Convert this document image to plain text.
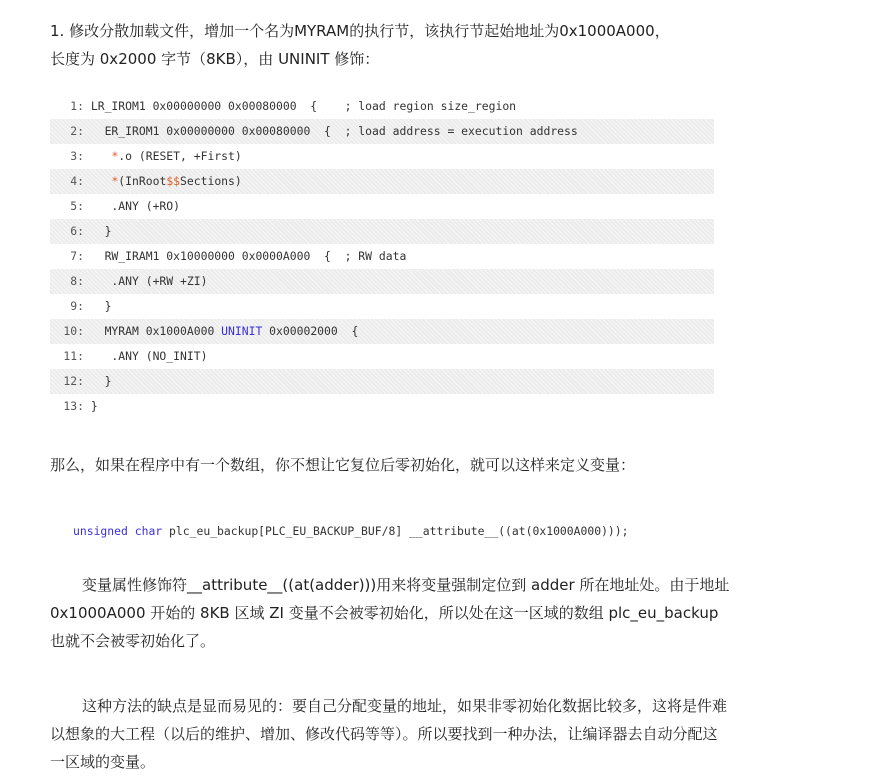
1. 修改分散加载文件，增加一个名为MYRAM的执行节，该执行节起始地址为0x1000A000，
长度为 0x2000 字节（8KB），由 UNINIT 修饰：

1: LR_IROM1 0x00000000 0x00080000  {    ; load region size_region
2:   ER_IROM1 0x00000000 0x00080000  {  ; load address = execution address
3: *.o (RESET, +First)
4: *(InRoot$$Sections)
5:    .ANY (+RO)
6:   }
7:   RW_IRAM1 0x10000000 0x0000A000  {  ; RW data
8:    .ANY (+RW +ZI)
9:   }
10:   MYRAM 0x1000A000 UNINIT 0x00002000  {
11:    .ANY (NO_INIT)
12:   }
13: }

那么，如果在程序中有一个数组，你不想让它复位后零初始化，就可以这样来定义变量：

unsigned char plc_eu_backup[PLC_EU_BACKUP_BUF/8] __attribute__((at(0x1000A000)));

变量属性修饰符__attribute__((at(adder)))用来将变量强制定位到 adder 所在地址处。由于地址 0x1000A000 开始的 8KB 区域 ZI 变量不会被零初始化，所以处在这一区域的数组 plc_eu_backup 也就不会被零初始化了。

这种方法的缺点是显而易见的：要自己分配变量的地址，如果非零初始化数据比较多，这将是件难以想象的大工程（以后的维护、增加、修改代码等等）。所以要找到一种办法，让编译器去自动分配这一区域的变量。
